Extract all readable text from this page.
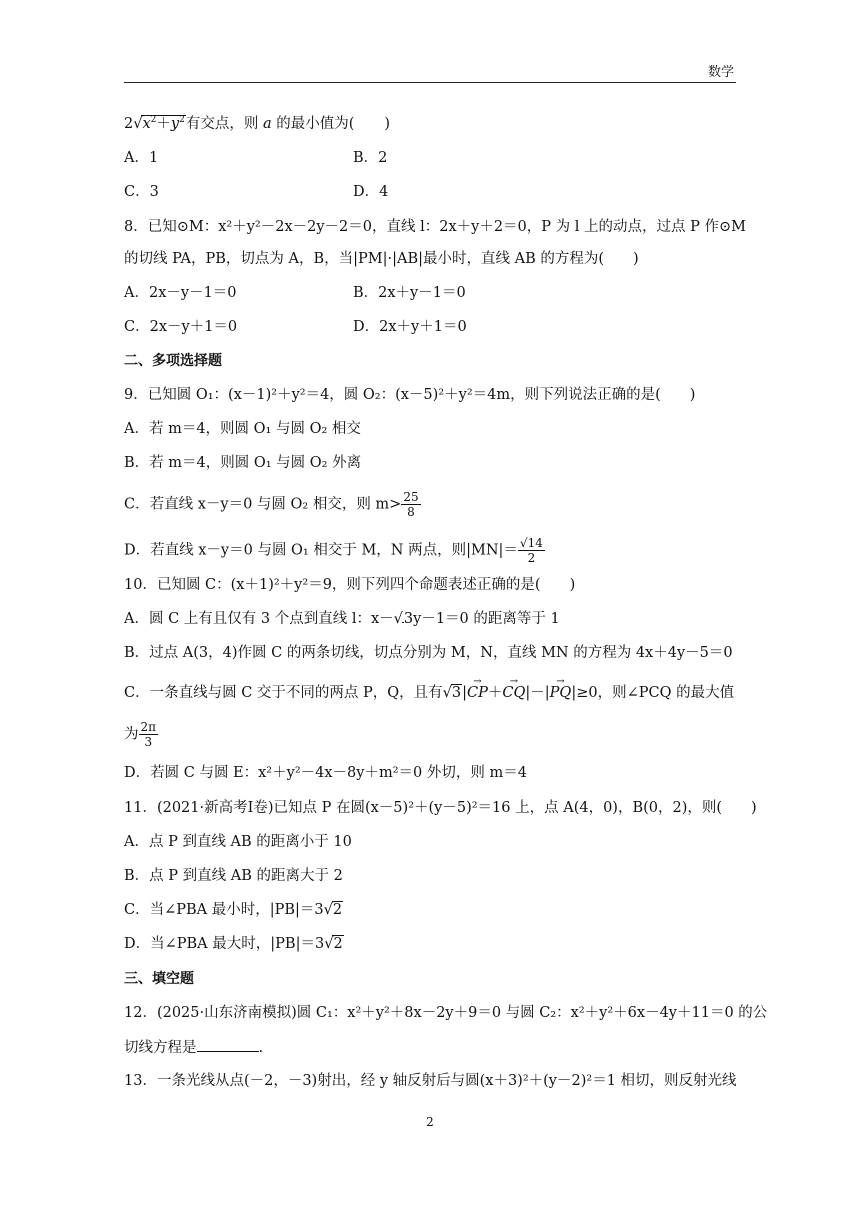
数学
$2√x^2+y^2$有交点，则 a 的最小值为( )
A．1	B．2
C．3	D．4
8．已知⊙M：x²＋y²－2x－2y－2＝0，直线 l：2x＋y＋2＝0，P 为 l 上的动点，过点 P 作⊙M
的切线 PA，PB，切点为 A，B，当|PM|·|AB|最小时，直线 AB 的方程为(　　)
A．2x－y－1＝0	B．2x＋y－1＝0
C．2x－y＋1＝0	D．2x＋y＋1＝0
二、多项选择题
9．已知圆 O₁：(x－1)²＋y²＝4，圆 O₂：(x－5)²＋y²＝4m，则下列说法正确的是(　　)
A．若 m＝4，则圆 O₁ 与圆 O₂ 相交
B．若 m＝4，则圆 O₁ 与圆 O₂ 外离
C．若直线 x－y＝0 与圆 O₂ 相交，则 $m> \frac{25}{8}$
D．若直线 x－y＝0 与圆 O₁ 相交于 M，N 两点，则$|MN|= \frac{√14}{2}$
10．已知圆 C：(x＋1)²＋y²＝9，则下列四个命题表述正确的是(　　)
A．圆 C 上有且仅有 3 个点到直线 l：x－√3y－1＝0 的距离等于 1
B．过点 A(3，4)作圆 C 的两条切线，切点分别为 M，N，直线 MN 的方程为 4x＋4y－5＝0
C．一条直线与圆 C 交于不同的两点 P，Q，且有√3|→ CP＋→ CQ|－|→ PQ|≥0，则∠PCQ 的最大值
为 $\frac{2\pi}{3}$
D．若圆 C 与圆 E：x²＋y²－4x－8y＋m²＝0 外切，则 m＝4
11．(2021·新高考Ⅰ卷)已知点 P 在圆(x－5)²＋(y－5)²＝16 上，点 A(4，0)，B(0，2)，则(　　)
A．点 P 到直线 AB 的距离小于 10
B．点 P 到直线 AB 的距离大于 2
C．当∠PBA 最小时，|PB|＝3√2
D．当∠PBA 最大时，|PB|＝3√2
三、填空题
12．(2025·山东济南模拟)圆 C₁：x²＋y²＋8x－2y＋9＝0 与圆 C₂：x²＋y²＋6x－4y＋11＝0 的公
切线方程是	.
13．一条光线从点(－2，－3)射出，经 y 轴反射后与圆(x＋3)²＋(y－2)²＝1 相切，则反射光线
2
